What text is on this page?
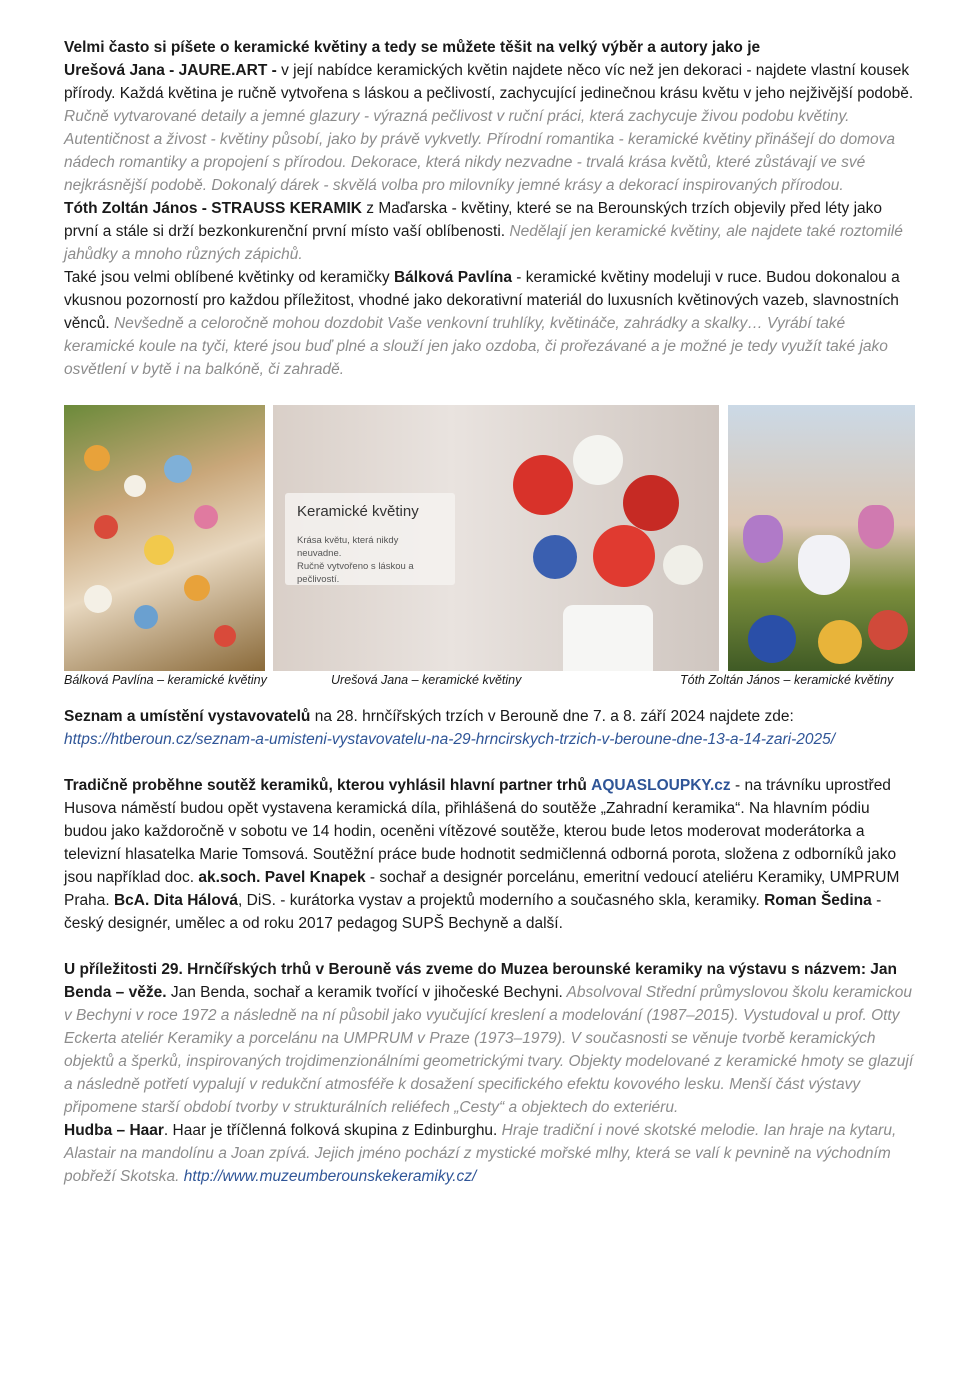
Velmi často si píšete o keramické květiny a tedy se můžete těšit na velký výběr a autory jako je
Urešová Jana - JAURE.ART - v její nabídce keramických květin najdete něco víc než jen dekoraci - najdete vlastní kousek přírody. Každá květina je ručně vytvořena s láskou a pečlivostí, zachycující jedinečnou krásu květu v jeho nejživější podobě. Ručně vytvarované detaily a jemné glazury - výrazná pečlivost v ruční práci, která zachycuje živou podobu květiny. Autentičnost a živost - květiny působí, jako by právě vykvetly. Přírodní romantika - keramické květiny přinášejí do domova nádech romantiky a propojení s přírodou. Dekorace, která nikdy nezvadne - trvalá krása květů, které zůstávají ve své nejkrásnější podobě. Dokonalý dárek - skvělá volba pro milovníky jemné krásy a dekorací inspirovaných přírodou.

Tóth Zoltán János - STRAUSS KERAMIK z Maďarska - květiny, které se na Berounských trzích objevily před léty jako první a stále si drží bezkonkurenční první místo vaší oblíbenosti. Nedělají jen keramické květiny, ale najdete také roztomilé jahůdky a mnoho různých zápichů.

Také jsou velmi oblíbené květinky od keramičky Bálková Pavlína - keramické květiny modeluji v ruce. Budou dokonalou a vkusnou pozorností pro každou příležitost, vhodné jako dekorativní materiál do luxusních květinových vazeb, slavnostních věnců. Nevšedně a celoročně mohou dozdobit Vaše venkovní truhlíky, květináče, zahrádky a skalky… Vyrábí také keramické koule na tyči, které jsou buď plné a slouží jen jako ozdoba, či prořezávané a je možné je tedy využít také jako osvětlení v bytě i na balkóně, či zahradě.

Keramické květiny

Krása květu, která nikdy neuvadne.
Ručně vytvořeno s láskou a
pečlivostí.

Bálková Pavlína – keramické květiny	Urešová Jana – keramické květiny	Tóth Zoltán János – keramické květiny

Seznam a umístění vystavovatelů na 28. hrnčířských trzích v Berouně dne 7. a 8. září 2024 najdete zde:
https://htberoun.cz/seznam-a-umisteni-vystavovatelu-na-29-hrncirskych-trzich-v-beroune-dne-13-a-14-zari-2025/

Tradičně proběhne soutěž keramiků, kterou vyhlásil hlavní partner trhů AQUASLOUPKY.cz - na trávníku uprostřed Husova náměstí budou opět vystavena keramická díla, přihlášená do soutěže „Zahradní keramika“. Na hlavním pódiu budou jako každoročně v sobotu ve 14 hodin, oceněni vítězové soutěže, kterou bude letos moderovat moderátorka a televizní hlasatelka Marie Tomsová. Soutěžní práce bude hodnotit sedmičlenná odborná porota, složena z odborníků jako jsou například doc. ak.soch. Pavel Knapek - sochař a designér porcelánu, emeritní vedoucí ateliéru Keramiky, UMPRUM Praha. BcA. Dita Hálová, DiS. - kurátorka vystav a projektů moderního a současného skla, keramiky. Roman Šedina - český designér, umělec a od roku 2017 pedagog SUPŠ Bechyně a další.

U příležitosti 29. Hrnčířských trhů v Berouně vás zveme do Muzea berounské keramiky na výstavu s názvem: Jan Benda – věže. Jan Benda, sochař a keramik tvořící v jihočeské Bechyni. Absolvoval Střední průmyslovou školu keramickou v Bechyni v roce 1972 a následně na ní působil jako vyučující kreslení a modelování (1987–2015). Vystudoval u prof. Otty Eckerta ateliér Keramiky a porcelánu na UMPRUM v Praze (1973–1979). V současnosti se věnuje tvorbě keramických objektů a šperků, inspirovaných trojdimenzionálními geometrickými tvary. Objekty modelované z keramické hmoty se glazují a následně potřetí vypalují v redukční atmosféře k dosažení specifického efektu kovového lesku. Menší část výstavy připomene starší období tvorby v strukturálních reliéfech „Cesty“ a objektech do exteriéru.

Hudba – Haar. Haar je tříčlenná folková skupina z Edinburghu. Hraje tradiční i nové skotské melodie. Ian hraje na kytaru, Alastair na mandolínu a Joan zpívá. Jejich jméno pochází z mystické mořské mlhy, která se valí k pevnině na východním pobřeží Skotska. http://www.muzeumberounskekeramiky.cz/
